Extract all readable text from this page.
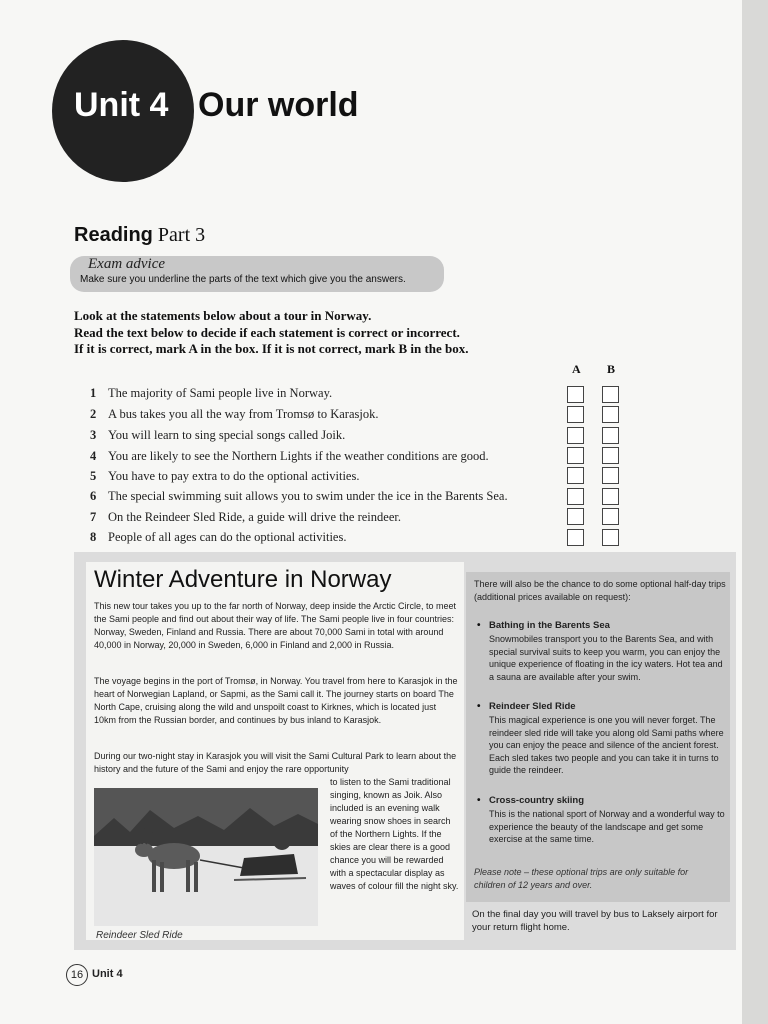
Unit 4 Our world
Reading Part 3
Exam advice
Make sure you underline the parts of the text which give you the answers.
Look at the statements below about a tour in Norway.
Read the text below to decide if each statement is correct or incorrect.
If it is correct, mark A in the box. If it is not correct, mark B in the box.
A B
1 The majority of Sami people live in Norway.
2 A bus takes you all the way from Tromsø to Karasjok.
3 You will learn to sing special songs called Joik.
4 You are likely to see the Northern Lights if the weather conditions are good.
5 You have to pay extra to do the optional activities.
6 The special swimming suit allows you to swim under the ice in the Barents Sea.
7 On the Reindeer Sled Ride, a guide will drive the reindeer.
8 People of all ages can do the optional activities.
Winter Adventure in Norway
This new tour takes you up to the far north of Norway, deep inside the Arctic Circle, to meet the Sami people and find out about their way of life. The Sami people live in four countries: Norway, Sweden, Finland and Russia. There are about 70,000 Sami in total with around 40,000 in Norway, 20,000 in Sweden, 6,000 in Finland and 2,000 in Russia.
The voyage begins in the port of Tromsø, in Norway. You travel from here to Karasjok in the heart of Norwegian Lapland, or Sapmi, as the Sami call it. The journey starts on board The North Cape, cruising along the wild and unspoilt coast to Kirknes, which is located just 10km from the Russian border, and continues by bus inland to Karasjok.
During our two-night stay in Karasjok you will visit the Sami Cultural Park to learn about the history and the future of the Sami and enjoy the rare opportunity
to listen to the Sami traditional singing, known as Joik. Also included is an evening walk wearing snow shoes in search of the Northern Lights. If the skies are clear there is a good chance you will be rewarded with a spectacular display as waves of colour fill the night sky.
Reindeer Sled Ride
There will also be the chance to do some optional half-day trips (additional prices available on request):
• Bathing in the Barents Sea
Snowmobiles transport you to the Barents Sea, and with special survival suits to keep you warm, you can enjoy the unique experience of floating in the icy waters. Hot tea and a sauna are available after your swim.
• Reindeer Sled Ride
This magical experience is one you will never forget. The reindeer sled ride will take you along old Sami paths where you can enjoy the peace and silence of the ancient forest. Each sled takes two people and you can take it in turns to guide the reindeer.
• Cross-country skiing
This is the national sport of Norway and a wonderful way to experience the beauty of the landscape and get some exercise at the same time.
Please note – these optional trips are only suitable for children of 12 years and over.
On the final day you will travel by bus to Laksely airport for your return flight home.
16 Unit 4
